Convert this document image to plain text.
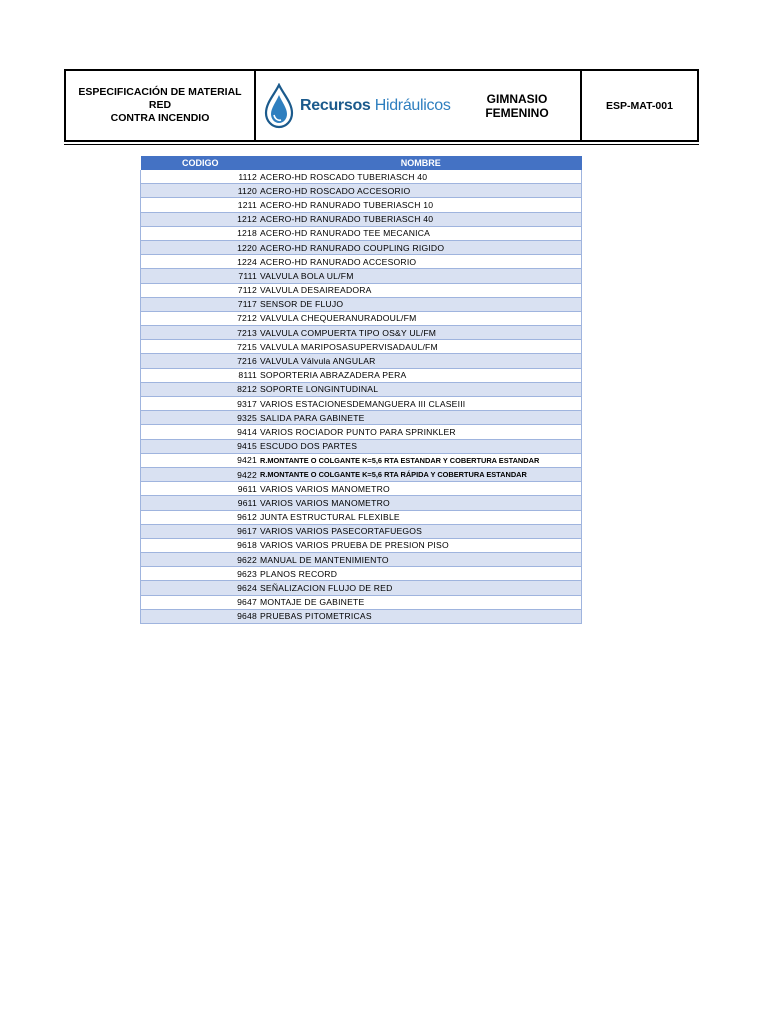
ESPECIFICACIÓN DE MATERIAL RED
CONTRA INCENDIO
Recursos Hidráulicos	GIMNASIO FEMENINO	ESP-MAT-001
CODIGO	NOMBRE
1112	ACERO-HD ROSCADO TUBERIASCH 40
1120	ACERO-HD ROSCADO ACCESORIO
1211	ACERO-HD RANURADO TUBERIASCH 10
1212	ACERO-HD RANURADO TUBERIASCH 40
1218	ACERO-HD RANURADO TEE MECANICA
1220	ACERO-HD RANURADO COUPLING RIGIDO
1224	ACERO-HD RANURADO ACCESORIO
7111	VALVULA BOLA UL/FM
7112	VALVULA DESAIREADORA
7117	SENSOR DE FLUJO
7212	VALVULA CHEQUERANURADOUL/FM
7213	VALVULA COMPUERTA TIPO OS&Y UL/FM
7215	VALVULA MARIPOSASUPERVISADAUL/FM
7216	VALVULA Válvula ANGULAR
8111	SOPORTERIA ABRAZADERA PERA
8212	SOPORTE LONGINTUDINAL
9317	VARIOS ESTACIONESDEMANGUERA III CLASEIII
9325	SALIDA PARA GABINETE
9414	VARIOS ROCIADOR PUNTO PARA SPRINKLER
9415	ESCUDO DOS PARTES
9421	R.MONTANTE O COLGANTE K=5,6 RTA ESTANDAR Y COBERTURA ESTANDAR
9422	R.MONTANTE O COLGANTE K=5,6 RTA RÁPIDA Y COBERTURA ESTANDAR
9611	VARIOS VARIOS MANOMETRO
9611	VARIOS VARIOS MANOMETRO
9612	JUNTA ESTRUCTURAL FLEXIBLE
9617	VARIOS VARIOS PASECORTAFUEGOS
9618	VARIOS VARIOS PRUEBA DE PRESION PISO
9622	MANUAL DE MANTENIMIENTO
9623	PLANOS RECORD
9624	SEÑALIZACION FLUJO DE RED
9647	MONTAJE DE GABINETE
9648	PRUEBAS PITOMETRICAS
